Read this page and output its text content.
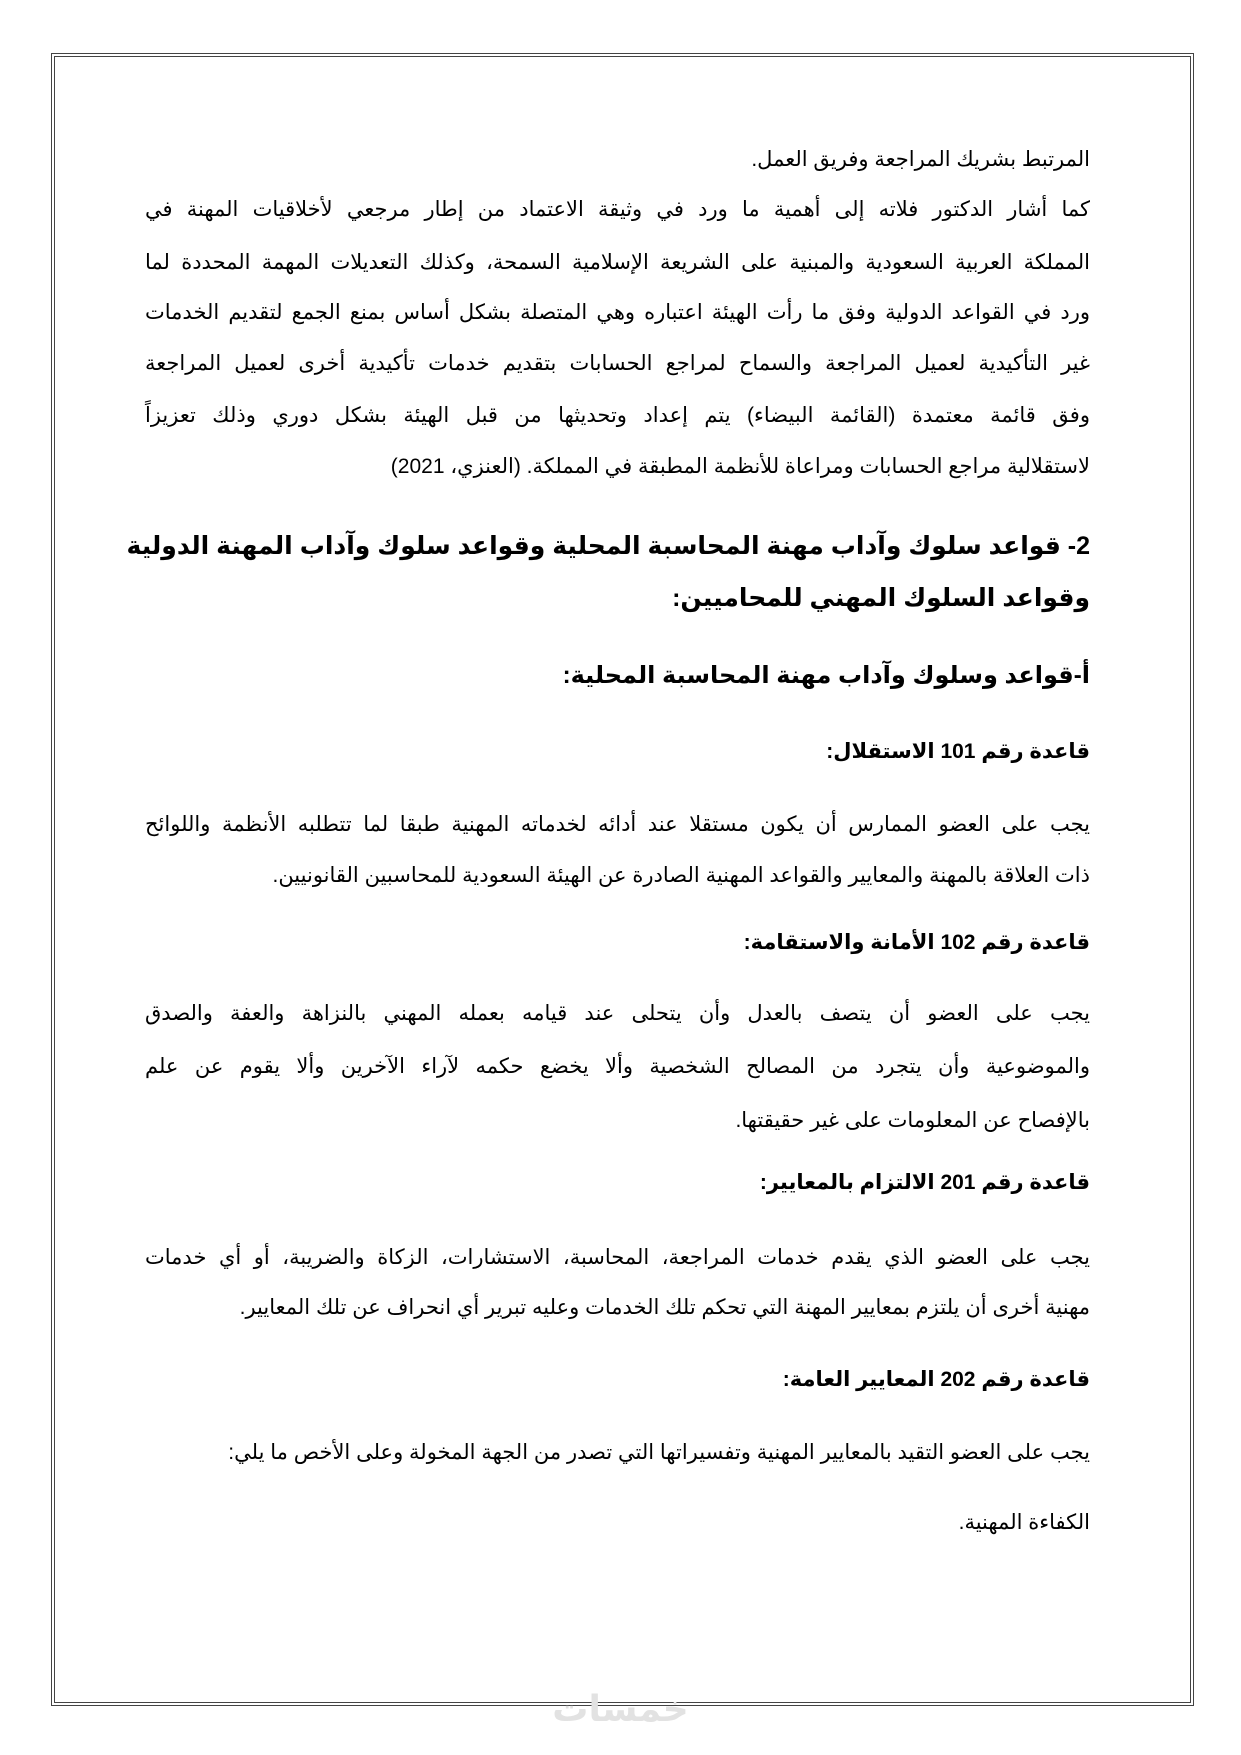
المرتبط بشريك المراجعة وفريق العمل.
كما أشار الدكتور فلاته إلى أهمية ما ورد في وثيقة الاعتماد من إطار مرجعي لأخلاقيات المهنة في
المملكة العربية السعودية والمبنية على الشريعة الإسلامية السمحة، وكذلك التعديلات المهمة المحددة لما
ورد في القواعد الدولية وفق ما رأت الهيئة اعتباره وهي المتصلة بشكل أساس بمنع الجمع لتقديم الخدمات
غير التأكيدية لعميل المراجعة والسماح لمراجع الحسابات بتقديم خدمات تأكيدية أخرى لعميل المراجعة
وفق قائمة معتمدة (القائمة البيضاء) يتم إعداد وتحديثها من قبل الهيئة بشكل دوري وذلك تعزيزاً
لاستقلالية مراجع الحسابات ومراعاة للأنظمة المطبقة في المملكة. (العنزي، 2021)
2- قواعد سلوك وآداب مهنة المحاسبة المحلية وقواعد سلوك وآداب المهنة الدولية
وقواعد السلوك المهني للمحاميين:
أ-قواعد وسلوك وآداب مهنة المحاسبة المحلية:
قاعدة رقم 101 الاستقلال:
يجب على العضو الممارس أن يكون مستقلا عند أدائه لخدماته المهنية طبقا لما تتطلبه الأنظمة واللوائح
ذات العلاقة بالمهنة والمعايير والقواعد المهنية الصادرة عن الهيئة السعودية للمحاسبين القانونيين.
قاعدة رقم 102 الأمانة والاستقامة:
يجب على العضو أن يتصف بالعدل وأن يتحلى عند قيامه بعمله المهني بالنزاهة والعفة والصدق
والموضوعية وأن يتجرد من المصالح الشخصية وألا يخضع حكمه لآراء الآخرين وألا يقوم عن علم
بالإفصاح عن المعلومات على غير حقيقتها.
قاعدة رقم 201 الالتزام بالمعايير:
يجب على العضو الذي يقدم خدمات المراجعة، المحاسبة، الاستشارات، الزكاة والضريبة، أو أي خدمات
مهنية أخرى أن يلتزم بمعايير المهنة التي تحكم تلك الخدمات وعليه تبرير أي انحراف عن تلك المعايير.
قاعدة رقم 202 المعايير العامة:
يجب على العضو التقيد بالمعايير المهنية وتفسيراتها التي تصدر من الجهة المخولة وعلى الأخص ما يلي:
الكفاءة المهنية.
خمسات
